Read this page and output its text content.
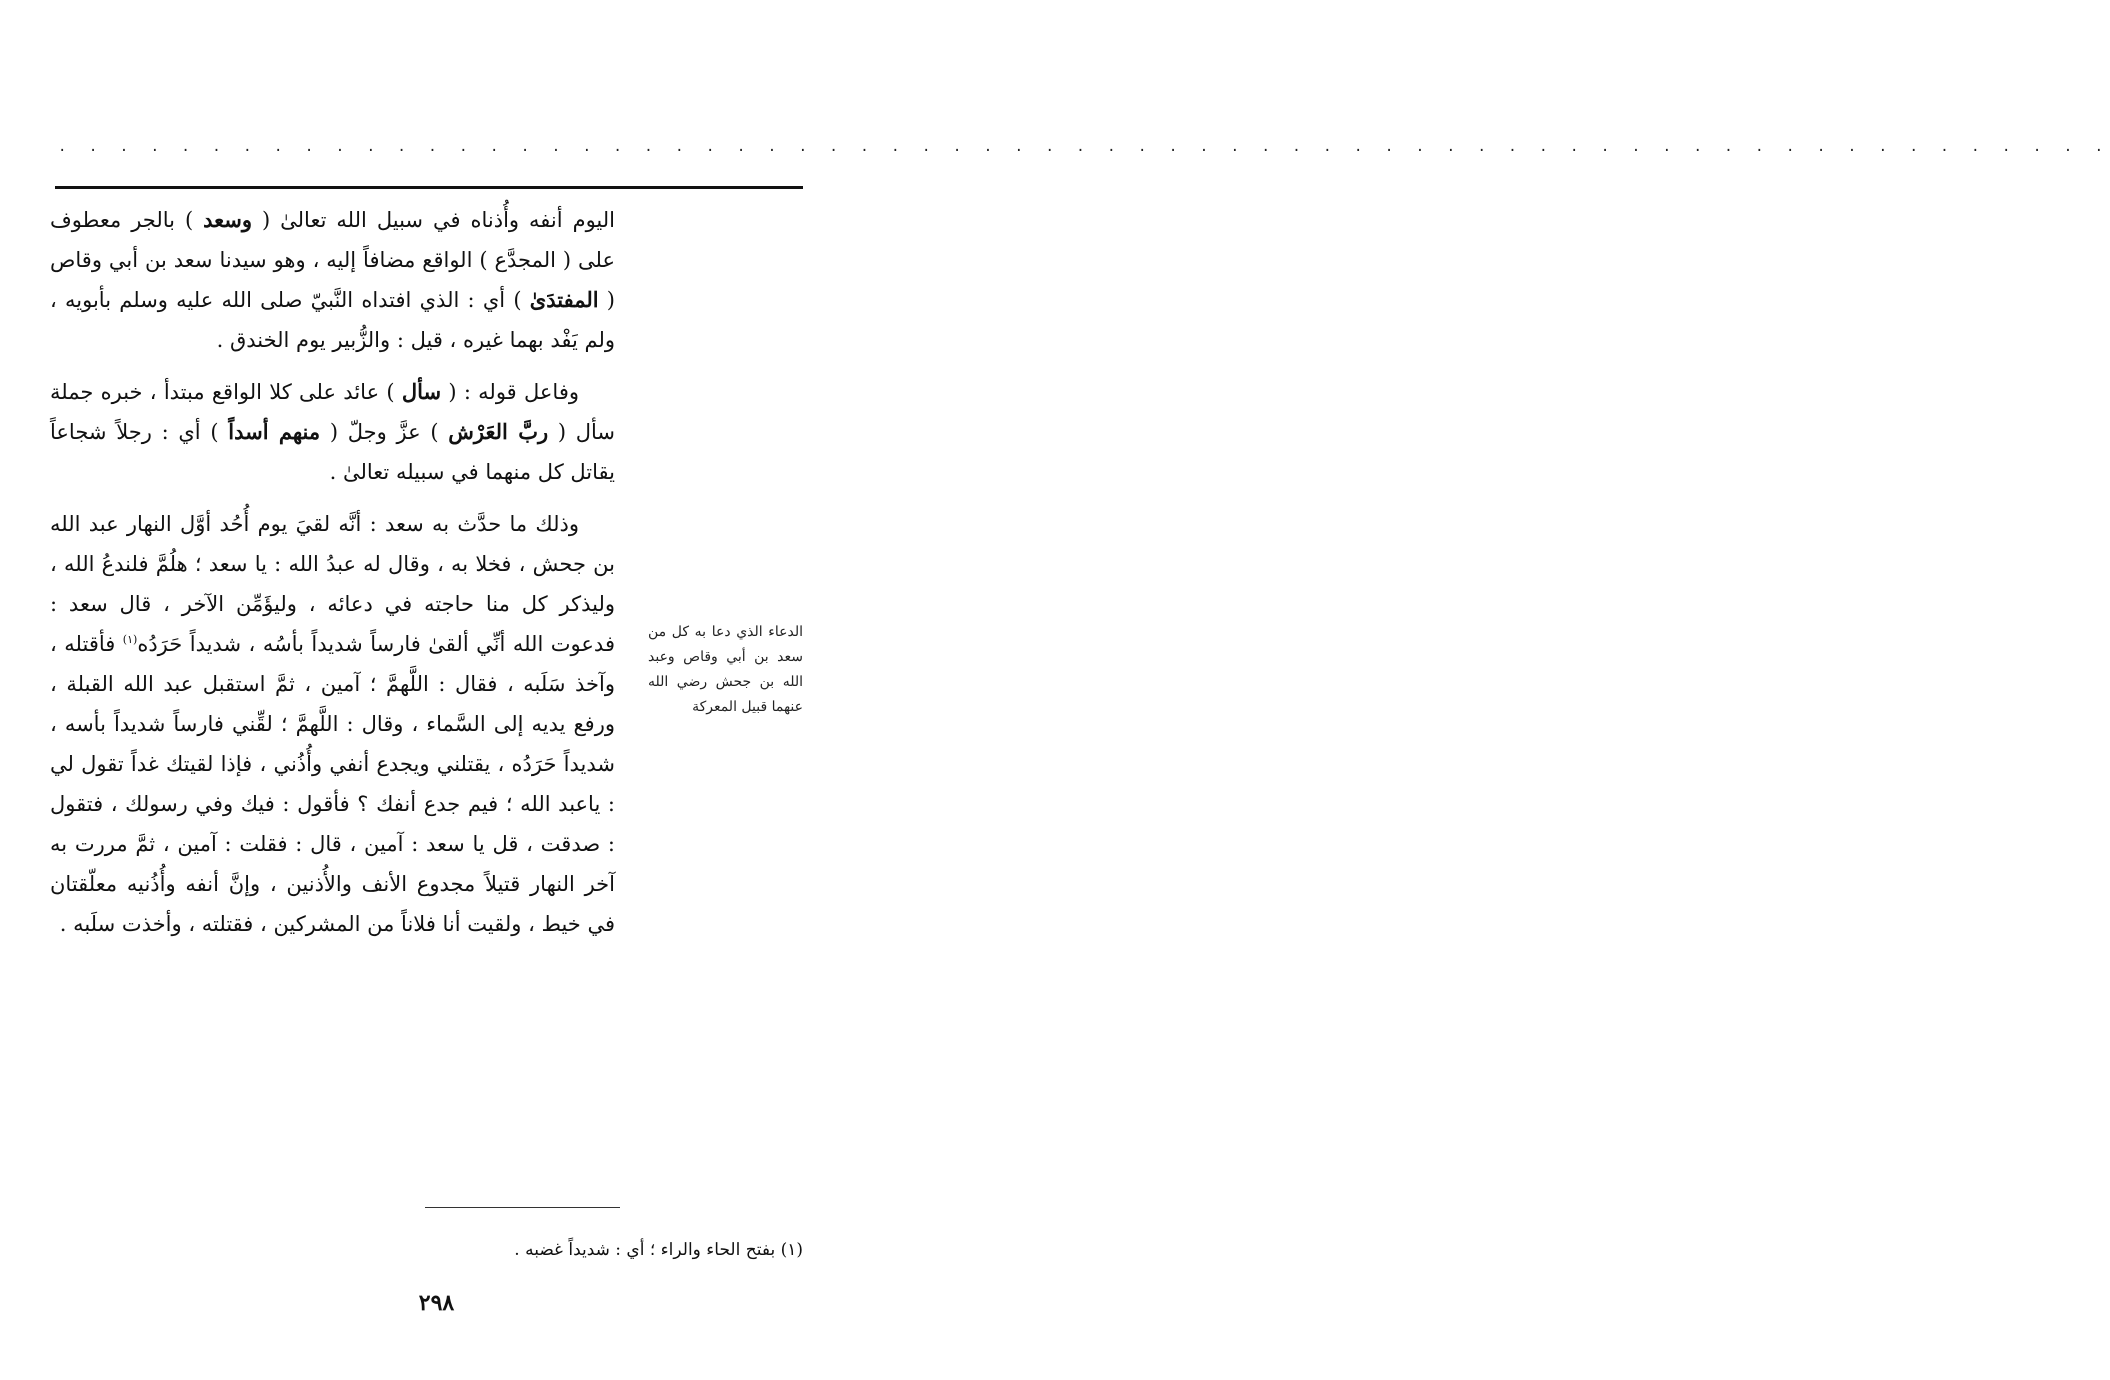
. . . . . . . . . . . . . . . . . . . . . . . . . . . . . . . . . . . . . . . . . . . . . . . . . . . . . . . . . . . . . . . . . . .

اليوم أنفه وأُذناه في سبيل الله تعالىٰ ( وسعد ) بالجر معطوف على ( المجدَّع ) الواقع مضافاً إليه ، وهو سيدنا سعد بن أبي وقاص ( المفتدَىٰ ) أي : الذي افتداه النَّبيّ صلى الله عليه وسلم بأبويه ، ولم يَفْد بهما غيره ، قيل : والزُّبير يوم الخندق .

وفاعل قوله : ( سأل ) عائد على كلا الواقع مبتدأ ، خبره جملة سأل ( ربَّ العَرْش ) عزَّ وجلّ ( منهم أسداً ) أي : رجلاً شجاعاً يقاتل كل منهما في سبيله تعالىٰ .

وذلك ما حدَّث به سعد : أنَّه لقيَ يوم أُحُد أوَّل النهار عبد الله بن جحش ، فخلا به ، وقال له عبدُ الله : يا سعد ؛ هلُمَّ فلندعُ الله ، وليذكر كل منا حاجته في دعائه ، وليؤَمِّن الآخر ، قال سعد : فدعوت الله أنِّي ألقىٰ فارساً شديداً بأسُه ، شديداً حَرَدُه$^{(١)}$ فأقتله ، وآخذ سَلَبه ، فقال : اللَّهمَّ ؛ آمين ، ثمَّ استقبل عبد الله القبلة ، ورفع يديه إلى السَّماء ، وقال : اللَّهمَّ ؛ لقِّني فارساً شديداً بأسه ، شديداً حَرَدُه ، يقتلني ويجدع أنفي وأُذُني ، فإذا لقيتك غداً تقول لي : ياعبد الله ؛ فيم جدع أنفك ؟ فأقول : فيك وفي رسولك ، فتقول : صدقت ، قل يا سعد : آمين ، قال : فقلت : آمين ، ثمَّ مررت به آخر النهار قتيلاً مجدوع الأنف والأُذنين ، وإنَّ أنفه وأُذُنيه معلّقتان في خيط ، ولقيت أنا فلاناً من المشركين ، فقتلته ، وأخذت سلَبه .

الدعاء الذي دعا به كل من سعد بن أبي وقاص وعبد الله بن جحش رضي الله عنهما قبيل المعركة
(١) بفتح الحاء والراء ؛ أي : شديداً غضبه .
٢٩٨
